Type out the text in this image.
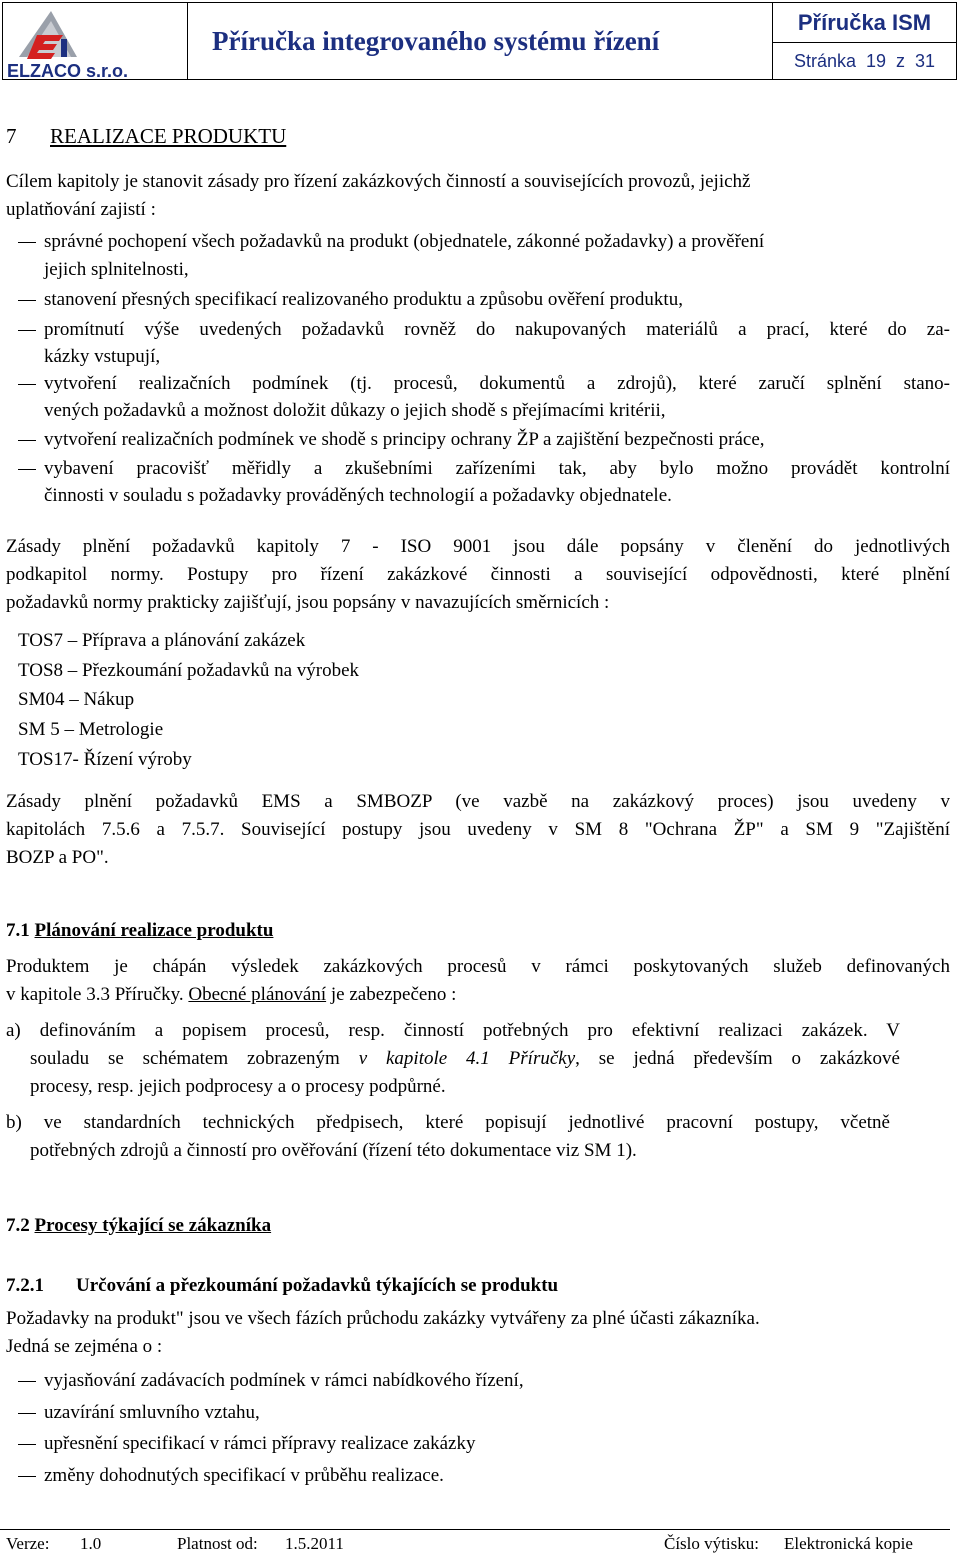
ELZACO s.r.o.
Příručka integrovaného systému řízení
Příručka ISM
Stránka 19 z 31
7 REALIZACE PRODUKTU
Cílem kapitoly je stanovit zásady pro řízení zakázkových činností a souvisejících provozů, jejichž
uplatňování zajistí :
správné pochopení všech požadavků na produkt (objednatele, zákonné požadavky) a prověření
jejich splnitelnosti,
stanovení přesných specifikací realizovaného produktu a způsobu ověření produktu,
promítnutí výše uvedených požadavků rovněž do nakupovaných materiálů a prací, které do za-
kázky vstupují,
vytvoření realizačních podmínek (tj. procesů, dokumentů a zdrojů), které zaručí splnění stano-
vených požadavků a možnost doložit důkazy o jejich shodě s přejímacími kritérii,
vytvoření realizačních podmínek ve shodě s principy ochrany ŽP a zajištění bezpečnosti práce,
vybavení pracovišť měřidly a zkušebními zařízeními tak, aby bylo možno provádět kontrolní
činnosti v souladu s požadavky prováděných technologií a požadavky objednatele.
Zásady plnění požadavků kapitoly 7 - ISO 9001 jsou dále popsány v členění do jednotlivých
podkapitol normy. Postupy pro řízení zakázkové činnosti a související odpovědnosti, které plnění
požadavků normy prakticky zajišťují, jsou popsány v navazujících směrnicích :
TOS7 – Příprava a plánování zakázek
TOS8 – Přezkoumání požadavků na výrobek
SM04 – Nákup
SM 5 – Metrologie
TOS17- Řízení výroby
Zásady plnění požadavků EMS a SMBOZP (ve vazbě na zakázkový proces) jsou uvedeny v
kapitolách 7.5.6 a 7.5.7. Související postupy jsou uvedeny v SM 8 "Ochrana ŽP" a SM 9 "Zajištění
BOZP a PO".
7.1 Plánování realizace produktu
Produktem je chápán výsledek zakázkových procesů v rámci poskytovaných služeb definovaných
v kapitole 3.3 Příručky. Obecné plánování je zabezpečeno :
a) definováním a popisem procesů, resp. činností potřebných pro efektivní realizaci zakázek. V
souladu se schématem zobrazeným v kapitole 4.1 Příručky, se jedná především o zakázkové
procesy, resp. jejich podprocesy a o procesy podpůrné.
b) ve standardních technických předpisech, které popisují jednotlivé pracovní postupy, včetně
potřebných zdrojů a činností pro ověřování (řízení této dokumentace viz SM 1).
7.2 Procesy týkající se zákazníka
7.2.1 Určování a přezkoumání požadavků týkajících se produktu
Požadavky na produkt" jsou ve všech fázích průchodu zakázky vytvářeny za plné účasti zákazníka.
Jedná se zejména o :
vyjasňování zadávacích podmínek v rámci nabídkového řízení,
uzavírání smluvního vztahu,
upřesnění specifikací v rámci přípravy realizace zakázky
změny dohodnutých specifikací v průběhu realizace.
Verze: 1.0	Platnost od: 1.5.2011	Číslo výtisku: Elektronická kopie
